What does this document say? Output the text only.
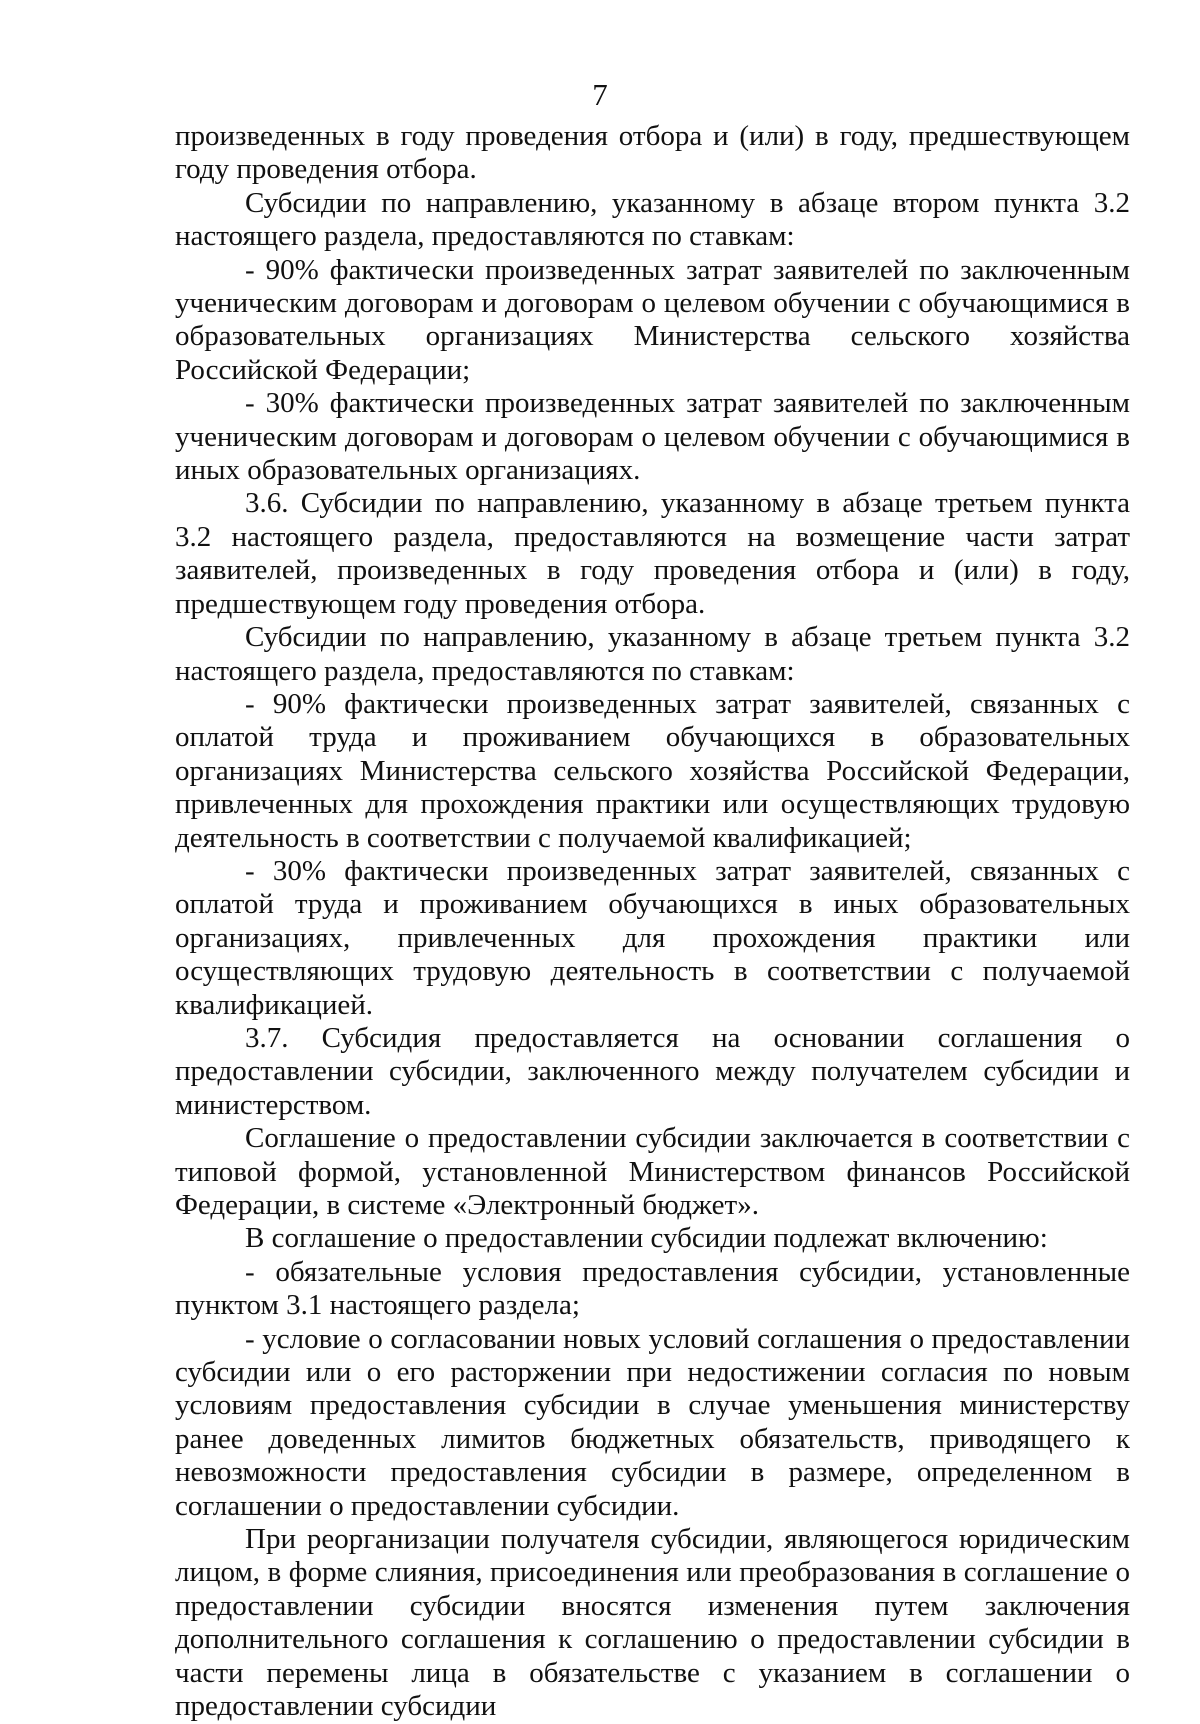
7

произведенных в году проведения отбора и (или) в году, предшествующем году проведения отбора.

Субсидии по направлению, указанному в абзаце втором пункта 3.2 настоящего раздела, предоставляются по ставкам:

- 90% фактически произведенных затрат заявителей по заключенным ученическим договорам и договорам о целевом обучении с обучающимися в образовательных организациях Министерства сельского хозяйства Российской Федерации;

- 30% фактически произведенных затрат заявителей по заключенным ученическим договорам и договорам о целевом обучении с обучающимися в иных образовательных организациях.

3.6. Субсидии по направлению, указанному в абзаце третьем пункта 3.2 настоящего раздела, предоставляются на возмещение части затрат заявителей, произведенных в году проведения отбора и (или) в году, предшествующем году проведения отбора.

Субсидии по направлению, указанному в абзаце третьем пункта 3.2 настоящего раздела, предоставляются по ставкам:

- 90% фактически произведенных затрат заявителей, связанных с оплатой труда и проживанием обучающихся в образовательных организациях Министерства сельского хозяйства Российской Федерации, привлеченных для прохождения практики или осуществляющих трудовую деятельность в соответствии с получаемой квалификацией;

- 30% фактически произведенных затрат заявителей, связанных с оплатой труда и проживанием обучающихся в иных образовательных организациях, привлеченных для прохождения практики или осуществляющих трудовую деятельность в соответствии с получаемой квалификацией.

3.7. Субсидия предоставляется на основании соглашения о предоставлении субсидии, заключенного между получателем субсидии и министерством.

Соглашение о предоставлении субсидии заключается в соответствии с типовой формой, установленной Министерством финансов Российской Федерации, в системе «Электронный бюджет».

В соглашение о предоставлении субсидии подлежат включению:

- обязательные условия предоставления субсидии, установленные пунктом 3.1 настоящего раздела;

- условие о согласовании новых условий соглашения о предоставлении субсидии или о его расторжении при недостижении согласия по новым условиям предоставления субсидии в случае уменьшения министерству ранее доведенных лимитов бюджетных обязательств, приводящего к невозможности предоставления субсидии в размере, определенном в соглашении о предоставлении субсидии.

При реорганизации получателя субсидии, являющегося юридическим лицом, в форме слияния, присоединения или преобразования в соглашение о предоставлении субсидии вносятся изменения путем заключения дополнительного соглашения к соглашению о предоставлении субсидии в части перемены лица в обязательстве с указанием в соглашении о предоставлении субсидии
